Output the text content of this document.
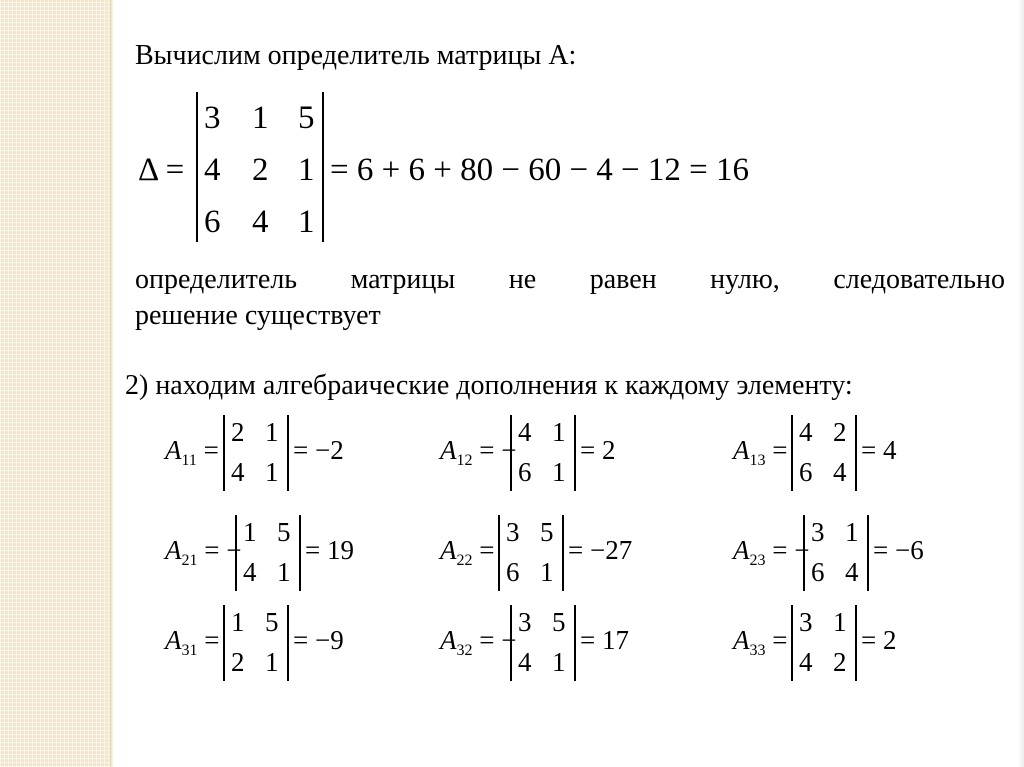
Вычислим определитель матрицы А:
Δ =
3 1 5
4 2 1
6 4 1
= 6 + 6 + 80 − 60 − 4 − 12 = 16
определитель матрицы не равен нулю, следовательно
решение существует
2) находим алгебраические дополнения к каждому элементу:
$A_{11}$ =
2 1
4 1
= −2	$A_{12}$ = −
4 1
6 1
= 2	$A_{13}$ =
4 2
6 4
= 4
$A_{21}$ = −
1 5
4 1
= 19	$A_{22}$ =
3 5
6 1
= −27	$A_{23}$ = −
3 1
6 4
= −6
$A_{31}$ =
1 5
2 1
= −9	$A_{32}$ = −
3 5
4 1
= 17	$A_{33}$ =
3 1
4 2
= 2
